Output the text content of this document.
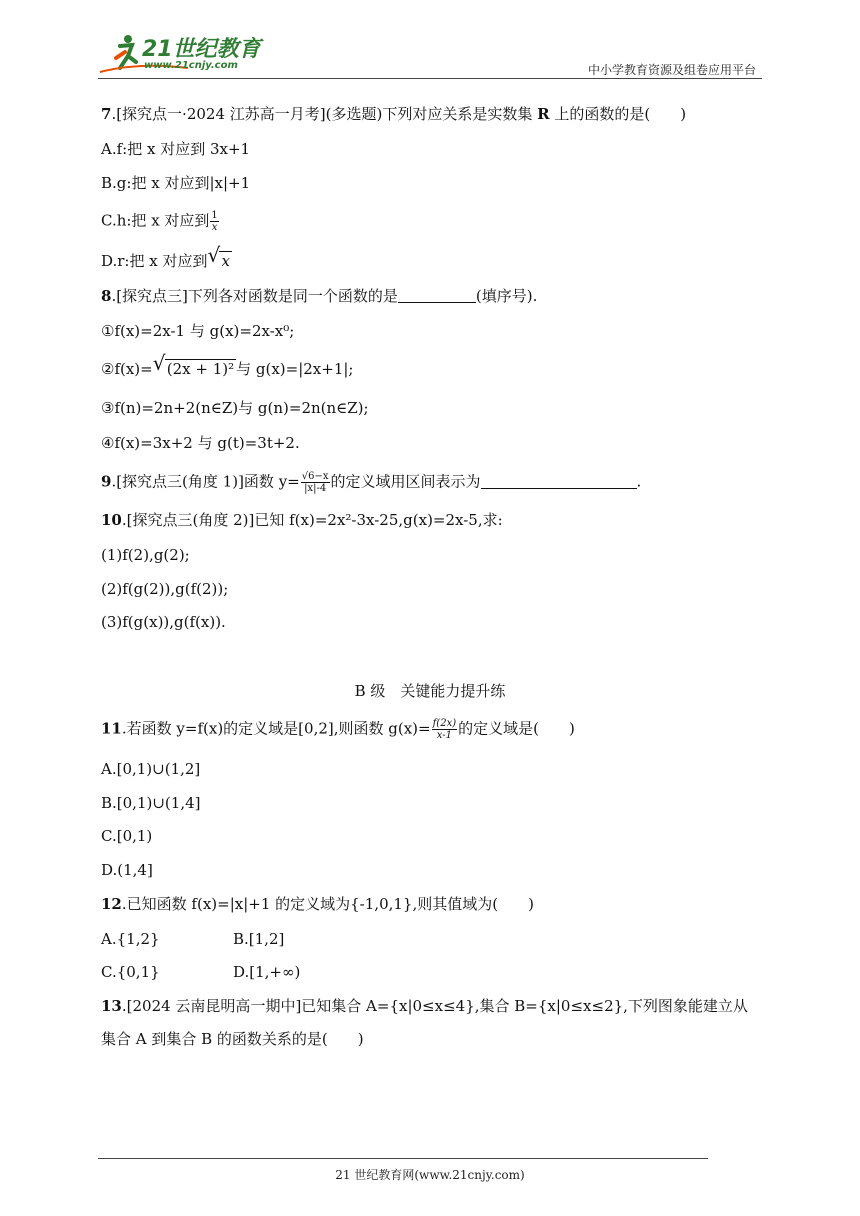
21世纪教育
www.21cnjy.com	中小学教育资源及组卷应用平台
7.[探究点一·2024 江苏高一月考](多选题)下列对应关系是实数集 R 上的函数的是(　　)
A.f:把 x 对应到 3x+1
B.g:把 x 对应到|x|+1
C.h:把 x 对应到 $\frac{1}{x}$
D.r:把 x 对应到 √ x
8.[探究点三]下列各对函数是同一个函数的是	(填序号).
①f(x)=2x-1 与 g(x)=2x-x⁰;
②f(x)= √ (2x + 1)² 与 g(x)=|2x+1|;
③f(n)=2n+2(n∈Z)与 g(n)=2n(n∈Z);
④f(x)=3x+2 与 g(t)=3t+2.
9.[探究点三(角度 1)]函数 $y= \frac{√6-x}{|x|-4}$ 的定义域用区间表示为	.
10.[探究点三(角度 2)]已知 f(x)=2x²-3x-25,g(x)=2x-5,求:
(1)f(2),g(2);
(2)f(g(2)),g(f(2));
(3)f(g(x)),g(f(x)).
B 级　关键能力提升练
11.若函数 y=f(x)的定义域是[0,2],则函数 $g(x)= \frac{f(2x)}{x-1}$ 的定义域是(　　)
A.[0,1)∪(1,2]
B.[0,1)∪(1,4]
C.[0,1)
D.(1,4]
12.已知函数 f(x)=|x|+1 的定义域为{-1,0,1},则其值域为(　　)
A.{1,2}	B.[1,2]
C.{0,1}	D.[1,+∞)
13.[2024 云南昆明高一期中]已知集合 A={x|0≤x≤4},集合 B={x|0≤x≤2},下列图象能建立从
集合 A 到集合 B 的函数关系的是(　　)
21 世纪教育网(www.21cnjy.com)
